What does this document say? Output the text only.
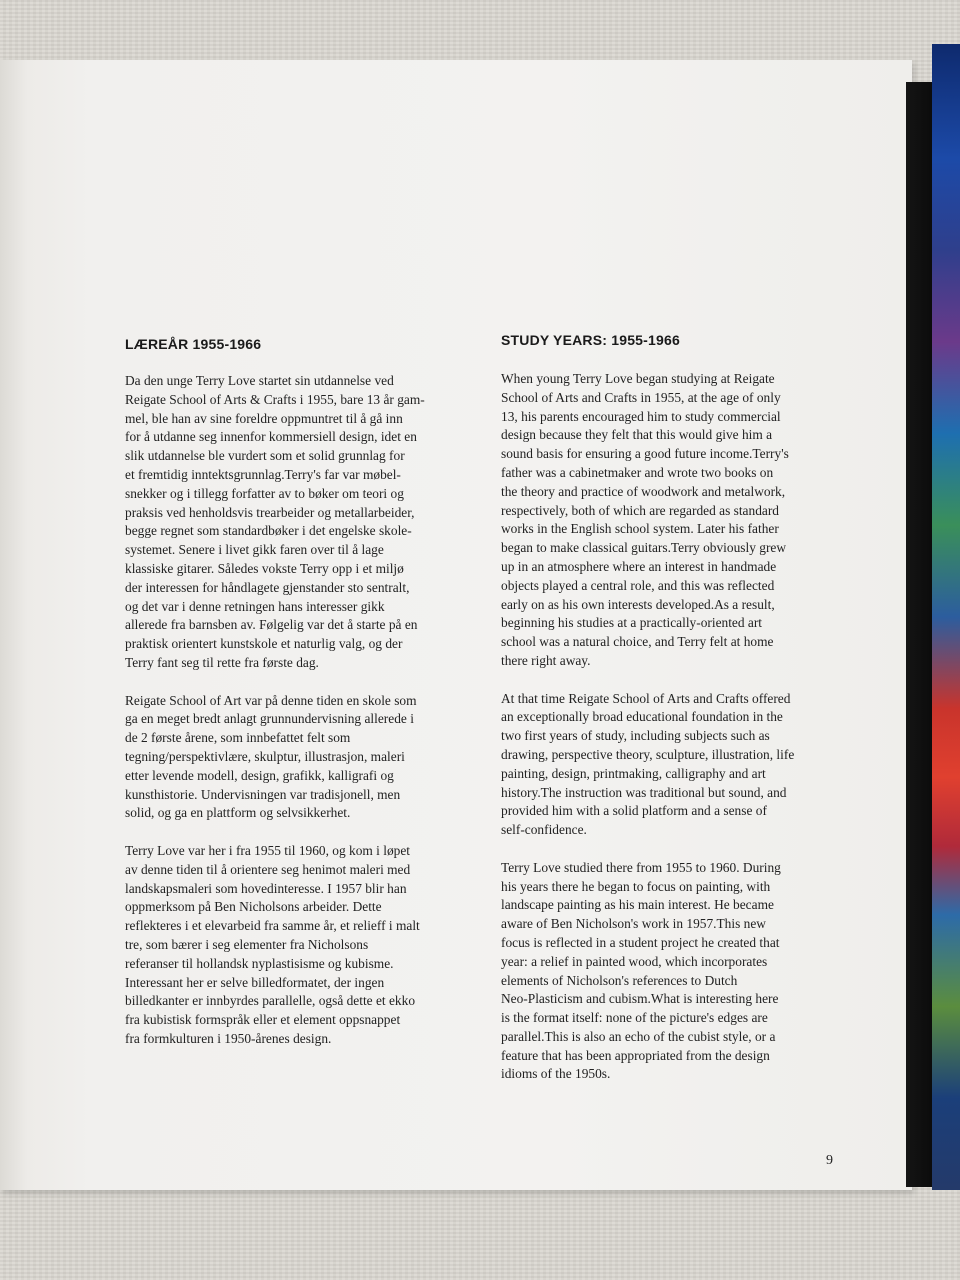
LÆREÅR 1955-1966	STUDY YEARS: 1955-1966

Da den unge Terry Love startet sin utdannelse ved
Reigate School of Arts & Crafts i 1955, bare 13 år gam-
mel, ble han av sine foreldre oppmuntret til å gå inn
for å utdanne seg innenfor kommersiell design, idet en
slik utdannelse ble vurdert som et solid grunnlag for
et fremtidig inntektsgrunnlag.Terry's far var møbel-
snekker og i tillegg forfatter av to bøker om teori og
praksis ved henholdsvis trearbeider og metallarbeider,
begge regnet som standardbøker i det engelske skole-
systemet. Senere i livet gikk faren over til å lage
klassiske gitarer. Således vokste Terry opp i et miljø
der interessen for håndlagete gjenstander sto sentralt,
og det var i denne retningen hans interesser gikk
allerede fra barnsben av. Følgelig var det å starte på en
praktisk orientert kunstskole et naturlig valg, og der
Terry fant seg til rette fra første dag.

Reigate School of Art var på denne tiden en skole som
ga en meget bredt anlagt grunnundervisning allerede i
de 2 første årene, som innbefattet felt som
tegning/perspektivlære, skulptur, illustrasjon, maleri
etter levende modell, design, grafikk, kalligrafi og
kunsthistorie. Undervisningen var tradisjonell, men
solid, og ga en plattform og selvsikkerhet.

Terry Love var her i fra 1955 til 1960, og kom i løpet
av denne tiden til å orientere seg henimot maleri med
landskapsmaleri som hovedinteresse. I 1957 blir han
oppmerksom på Ben Nicholsons arbeider. Dette
reflekteres i et elevarbeid fra samme år, et relieff i malt
tre, som bærer i seg elementer fra Nicholsons
referanser til hollandsk nyplastisisme og kubisme.
Interessant her er selve billedformatet, der ingen
billedkanter er innbyrdes parallelle, også dette et ekko
fra kubistisk formspråk eller et element oppsnappet
fra formkulturen i 1950-årenes design.

When young Terry Love began studying at Reigate
School of Arts and Crafts in 1955, at the age of only
13, his parents encouraged him to study commercial
design because they felt that this would give him a
sound basis for ensuring a good future income.Terry's
father was a cabinetmaker and wrote two books on
the theory and practice of woodwork and metalwork,
respectively, both of which are regarded as standard
works in the English school system. Later his father
began to make classical guitars.Terry obviously grew
up in an atmosphere where an interest in handmade
objects played a central role, and this was reflected
early on as his own interests developed.As a result,
beginning his studies at a practically-oriented art
school was a natural choice, and Terry felt at home
there right away.

At that time Reigate School of Arts and Crafts offered
an exceptionally broad educational foundation in the
two first years of study, including subjects such as
drawing, perspective theory, sculpture, illustration, life
painting, design, printmaking, calligraphy and art
history.The instruction was traditional but sound, and
provided him with a solid platform and a sense of
self-confidence.

Terry Love studied there from 1955 to 1960. During
his years there he began to focus on painting, with
landscape painting as his main interest. He became
aware of Ben Nicholson's work in 1957.This new
focus is reflected in a student project he created that
year: a relief in painted wood, which incorporates
elements of Nicholson's references to Dutch
Neo-Plasticism and cubism.What is interesting here
is the format itself: none of the picture's edges are
parallel.This is also an echo of the cubist style, or a
feature that has been appropriated from the design
idioms of the 1950s.

9
